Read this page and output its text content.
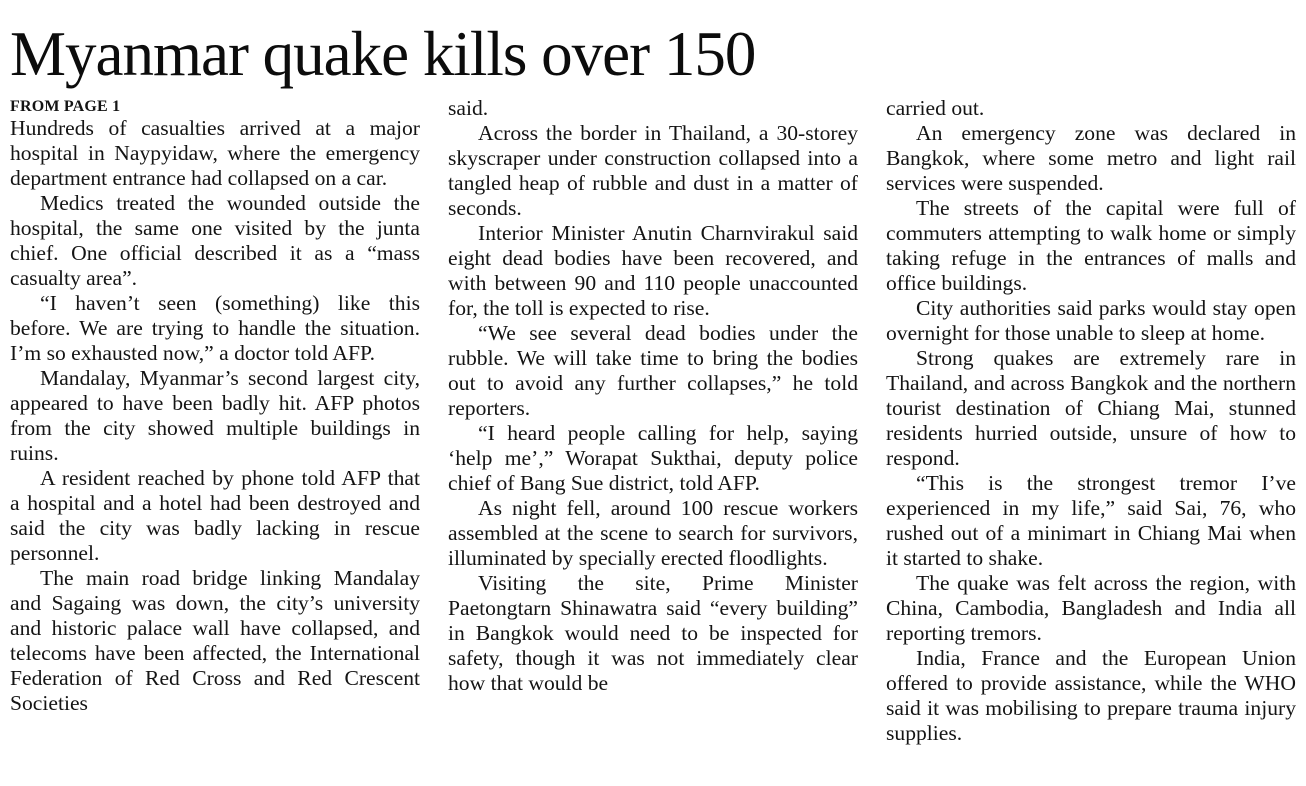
Myanmar quake kills over 150
FROM PAGE 1

Hundreds of casualties arrived at a major hospital in Naypyidaw, where the emergency department entrance had collapsed on a car.

Medics treated the wounded outside the hospital, the same one visited by the junta chief. One official described it as a “mass casualty area”.

“I haven’t seen (something) like this before. We are trying to handle the situation. I’m so exhausted now,” a doctor told AFP.

Mandalay, Myanmar’s second largest city, appeared to have been badly hit. AFP photos from the city showed multiple buildings in ruins.

A resident reached by phone told AFP that a hospital and a hotel had been destroyed and said the city was badly lacking in rescue personnel.

The main road bridge linking Mandalay and Sagaing was down, the city’s university and historic palace wall have collapsed, and telecoms have been affected, the International Federation of Red Cross and Red Crescent Societies

said.

Across the border in Thailand, a 30-storey skyscraper under construction collapsed into a tangled heap of rubble and dust in a matter of seconds.

Interior Minister Anutin Charnvirakul said eight dead bodies have been recovered, and with between 90 and 110 people unaccounted for, the toll is expected to rise.

“We see several dead bodies under the rubble. We will take time to bring the bodies out to avoid any further collapses,” he told reporters.

“I heard people calling for help, saying ‘help me’,” Worapat Sukthai, deputy police chief of Bang Sue district, told AFP.

As night fell, around 100 rescue workers assembled at the scene to search for survivors, illuminated by specially erected floodlights.

Visiting the site, Prime Minister Paetongtarn Shinawatra said “every building” in Bangkok would need to be inspected for safety, though it was not immediately clear how that would be

carried out.

An emergency zone was declared in Bangkok, where some metro and light rail services were suspended.

The streets of the capital were full of commuters attempting to walk home or simply taking refuge in the entrances of malls and office buildings.

City authorities said parks would stay open overnight for those unable to sleep at home.

Strong quakes are extremely rare in Thailand, and across Bangkok and the northern tourist destination of Chiang Mai, stunned residents hurried outside, unsure of how to respond.

“This is the strongest tremor I’ve experienced in my life,” said Sai, 76, who rushed out of a minimart in Chiang Mai when it started to shake.

The quake was felt across the region, with China, Cambodia, Bangladesh and India all reporting tremors.

India, France and the European Union offered to provide assistance, while the WHO said it was mobilising to prepare trauma injury supplies.
